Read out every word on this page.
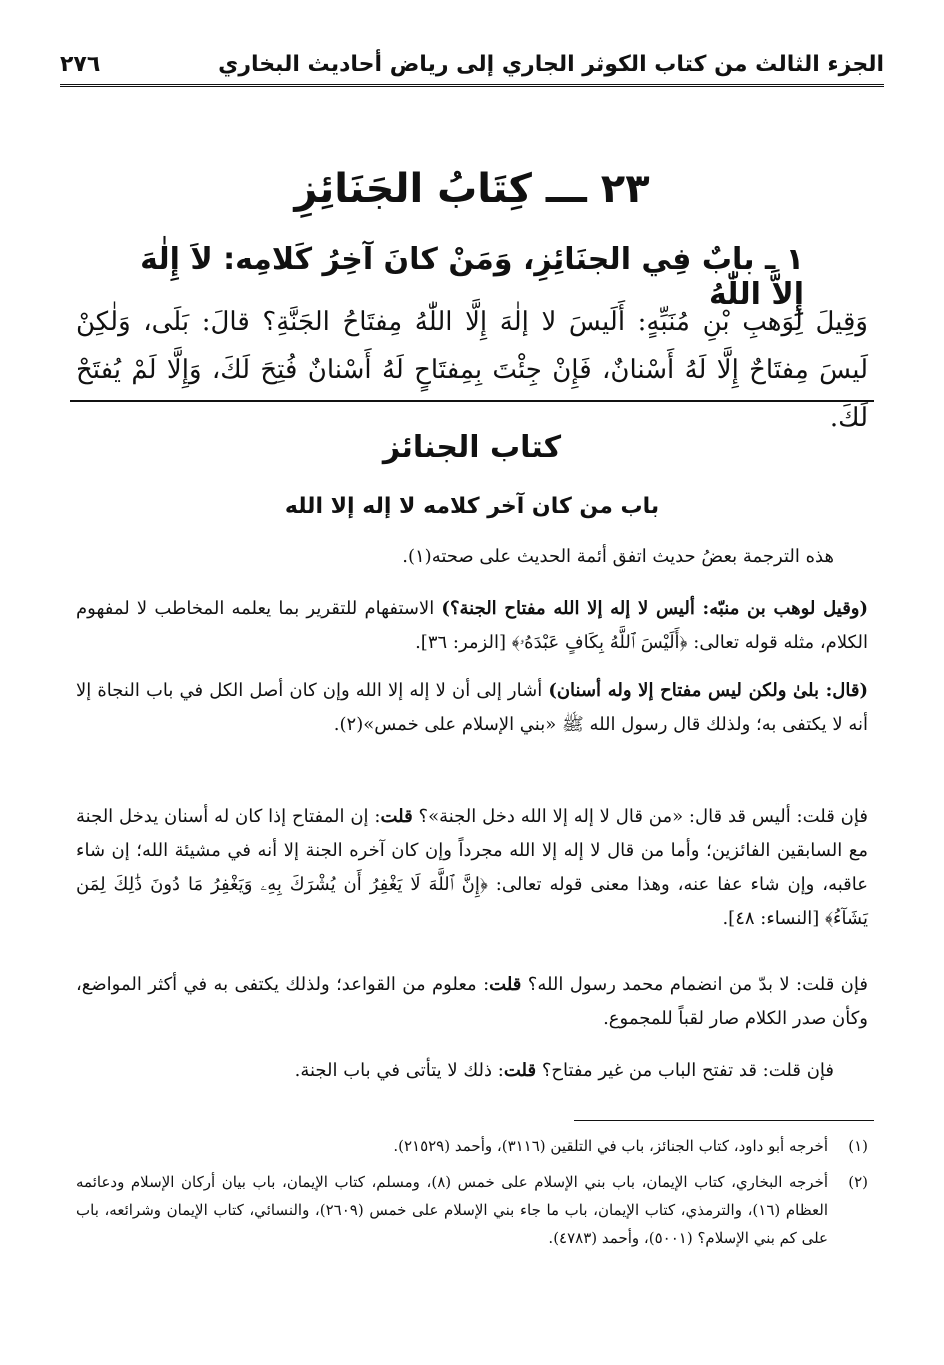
الجزء الثالث من كتاب الكوثر الجاري إلى رياض أحاديث البخاري
٢٧٦
٢٣ ـــ كِتَابُ الجَنَائِزِ
١ ـ بابٌ فِي الجنَائِزِ، وَمَنْ كانَ آخِرُ كَلامِه: لاَ إِلٰهَ إِلاَّ اللّٰهُ
وَقِيلَ لِوَهبِ بْنِ مُنَبِّهٍ: أَلَيسَ لا إلٰهَ إِلَّا اللّٰهُ مِفتَاحُ الجَنَّةِ؟ قالَ: بَلَى، وَلٰكِنْ لَيسَ مِفتَاحٌ إِلَّا لَهُ أَسْنانٌ، فَإِنْ جِئْتَ بِمِفتَاحٍ لَهُ أَسْنانٌ فُتِحَ لَكَ، وَإِلَّا لَمْ يُفتَحْ لَكَ.
كتاب الجنائز
باب من كان آخر كلامه لا إله إلا الله
هذه الترجمة بعضُ حديث اتفق أئمة الحديث على صحته(١).
(وقيل لوهب بن منبّه: أليس لا إله إلا الله مفتاح الجنة؟) الاستفهام للتقرير بما يعلمه المخاطب لا لمفهوم الكلام، مثله قوله تعالى: ﴿أَلَيْسَ ٱللَّهُ بِكَافٍ عَبْدَهُۥ﴾ [الزمر: ٣٦].
(قال: بلىٰ ولكن ليس مفتاح إلا وله أسنان) أشار إلى أن لا إله إلا الله وإن كان أصل الكل في باب النجاة إلا أنه لا يكتفى به؛ ولذلك قال رسول الله ﷺ «بني الإسلام على خمس»(٢).
فإن قلت: أليس قد قال: «من قال لا إله إلا الله دخل الجنة»؟ قلت: إن المفتاح إذا كان له أسنان يدخل الجنة مع السابقين الفائزين؛ وأما من قال لا إله إلا الله مجرداً وإن كان آخره الجنة إلا أنه في مشيئة الله؛ إن شاء عاقبه، وإن شاء عفا عنه، وهذا معنى قوله تعالى: ﴿إِنَّ ٱللَّهَ لَا يَغْفِرُ أَن يُشْرَكَ بِهِۦ وَيَغْفِرُ مَا دُونَ ذَٰلِكَ لِمَن يَشَآءُ﴾ [النساء: ٤٨].
فإن قلت: لا بدّ من انضمام محمد رسول الله؟ قلت: معلوم من القواعد؛ ولذلك يكتفى به في أكثر المواضع، وكأن صدر الكلام صار لقباً للمجموع.
فإن قلت: قد تفتح الباب من غير مفتاح؟ قلت: ذلك لا يتأتى في باب الجنة.
(١)
أخرجه أبو داود، كتاب الجنائز، باب في التلقين (٣١١٦)، وأحمد (٢١٥٢٩).
(٢)
أخرجه البخاري، كتاب الإيمان، باب بني الإسلام على خمس (٨)، ومسلم، كتاب الإيمان، باب بيان أركان الإسلام ودعائمه العظام (١٦)، والترمذي، كتاب الإيمان، باب ما جاء بني الإسلام على خمس (٢٦٠٩)، والنسائي، كتاب الإيمان وشرائعه، باب على كم بني الإسلام؟ (٥٠٠١)، وأحمد (٤٧٨٣).
